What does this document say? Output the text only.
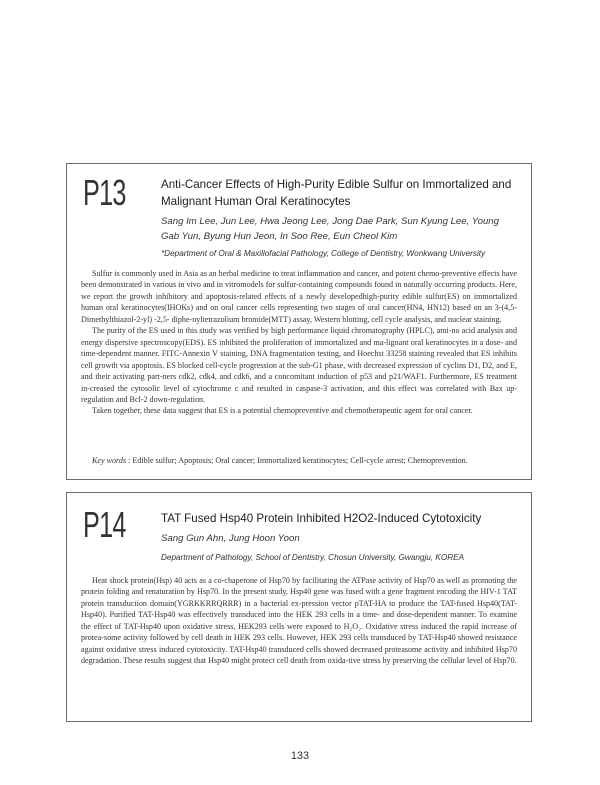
P13	Anti-Cancer Effects of High-Purity Edible Sulfur on Immortalized and Malignant Human Oral Keratinocytes
Sang Im Lee, Jun Lee, Hwa Jeong Lee, Jong Dae Park, Sun Kyung Lee, Young Gab Yun, Byung Hun Jeon, In Soo Ree, Eun Cheol Kim
*Department of Oral & Maxillofacial Pathology, College of Dentistry, Wonkwang University

Sulfur is commonly used in Asia as an herbal medicine to treat inflammation and cancer, and potent chemo-preventive effects have been demonstrated in various in vivo and in vitromodels for sulfur-containing compounds found in naturally occurring products. Here, we report the growth inhibitory and apoptosis-related effects of a newly developedhigh-purity edible sulfur(ES) on immortalized human oral keratinocytes(IHOKs) and on oral cancer cells representing two stages of oral cancer(HN4, HN12) based on an 3-(4,5-Dimethylthiazol-2-yl) -2,5- diphe-nyltetrazolium bromide(MTT) assay, Western blotting, cell cycle analysis, and nuclear staining.

The purity of the ES used in this study was verified by high performance liquid chromatography (HPLC), ami-no acid analysis and energy dispersive spectroscopy(EDS). ES inhibited the proliferation of immortalized and ma-lignant oral keratinocytes in a dose- and time-dependent manner. FITC-Annexin V staining, DNA fragmentation testing, and Hoechst 33258 staining revealed that ES inhibits cell growth via apoptosis. ES blocked cell-cycle progression at the sub-G1 phase, with decreased expression of cyclins D1, D2, and E, and their activating part-ners cdk2, cdk4, and cdk6, and a concomitant induction of p53 and p21/WAF1. Furthermore, ES treatment in-creased the cytosolic level of cytochrome c and resulted in caspase-3 activation, and this effect was correlated with Bax up-regulation and Bcl-2 down-regulation.

Taken together, these data suggest that ES is a potential chemopreventive and chemotherapeutic agent for oral cancer.

Key words : Edible sulfur; Apoptosis; Oral cancer; Immortalized keratinocytes; Cell-cycle arrest; Chemoprevention.
P14	TAT Fused Hsp40 Protein Inhibited H2O2-Induced Cytotoxicity
Sang Gun Ahn, Jung Hoon Yoon
Department of Pathology, School of Dentistry, Chosun University, Gwangju, KOREA

Heat shock protein(Hsp) 40 acts as a co-chaperone of Hsp70 by facilitating the ATPase activity of Hsp70 as well as promoting the protein folding and renaturation by Hsp70. In the present study, Hsp40 gene was fused with a gene fragment encoding the HIV-1 TAT protein transduction domain(YGRKKRRQRRR) in a bacterial ex-pression vector pTAT-HA to produce the TAT-fused Hsp40(TAT-Hsp40). Purified TAT-Hsp40 was effectively transduced into the HEK 293 cells in a time- and dose-dependent manner. To examine the effect of TAT-Hsp40 upon oxidative stress, HEK293 cells were exposed to H₂O₂. Oxidative stress induced the rapid increase of protea-some activity followed by cell death in HEK 293 cells. However, HEK 293 cells transduced by TAT-Hsp40 showed resistance against oxidative stress induced cytotoxicity. TAT-Hsp40 transduced cells showed decreased proteasome activity and inhibited Hsp70 degradation. These results suggest that Hsp40 might protect cell death from oxida-tive stress by preserving the cellular level of Hsp70.

133
